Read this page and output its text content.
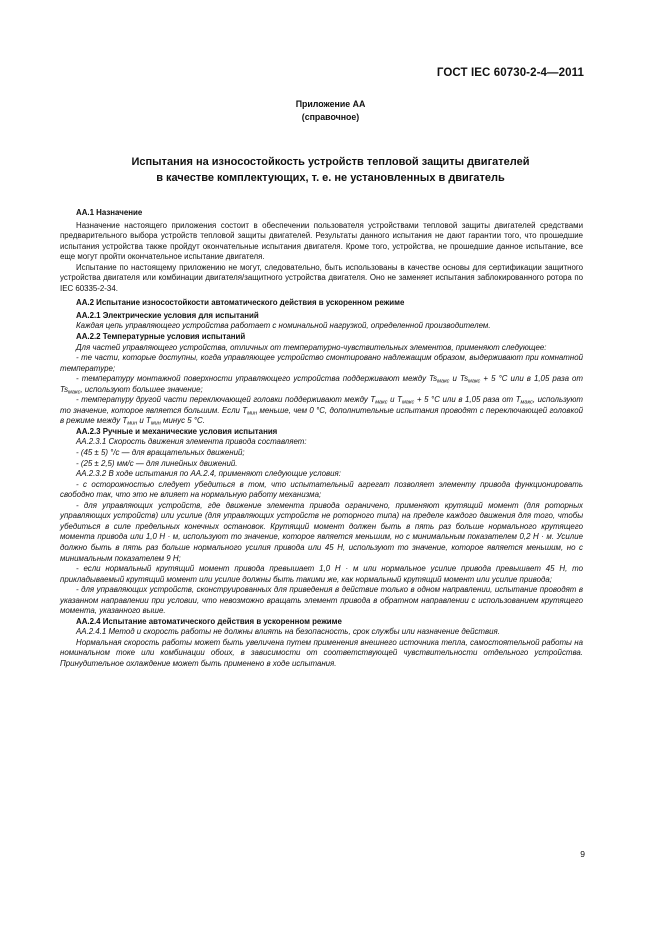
ГОСТ IEC 60730-2-4—2011
Приложение АА
(справочное)
Испытания на износостойкость устройств тепловой защиты двигателей
в качестве комплектующих, т. е. не установленных в двигатель

АА.1 Назначение

Назначение настоящего приложения состоит в обеспечении пользователя устройствами тепловой защиты двигателей средствами предварительного выбора устройств тепловой защиты двигателей. Результаты данного испытания не дают гарантии того, что прошедшие испытания устройства также пройдут окончательные испытания двигателя. Кроме того, устройства, не прошедшие данное испытание, все еще могут пройти окончательное испытание двигателя.

Испытание по настоящему приложению не могут, следовательно, быть использованы в качестве основы для сертификации защитного устройства двигателя или комбинации двигателя/защитного устройства двигателя. Оно не заменяет испытания заблокированного ротора по IEC 60335-2-34.

АА.2 Испытание износостойкости автоматического действия в ускоренном режиме

АА.2.1 Электрические условия для испытаний

Каждая цепь управляющего устройства работает с номинальной нагрузкой, определенной производителем.

АА.2.2 Температурные условия испытаний

Для частей управляющего устройства, отличных от температурно-чувствительных элементов, применяют следующее:

- те части, которые доступны, когда управляющее устройство смонтировано надлежащим образом, выдерживают при комнатной температуре;

- температуру монтажной поверхности управляющего устройства поддерживают между $Ts_{макс}$ и $Ts_{макс} + 5$ °C или в 1,05 раза от $Ts_{макс}$, используют большее значение;

- температуру другой части переключающей головки поддерживают между $T_{макс}$ и $T_{макс} + 5$ °C или в 1,05 раза от $T_{макс}$, используют то значение, которое является большим. Если $T_{мин}$ меньше, чем 0 °C, дополнительные испытания проводят с переключающей головкой в режиме между $T_{мин}$ и $T_{мин}$ минус 5 °C.

АА.2.3 Ручные и механические условия испытания

АА.2.3.1 Скорость движения элемента привода составляет:

- (45 ± 5) °/с — для вращательных движений;

- (25 ± 2,5) мм/с — для линейных движений.

АА.2.3.2 В ходе испытания по АА.2.4, применяют следующие условия:

- с осторожностью следует убедиться в том, что испытательный агрегат позволяет элементу привода функционировать свободно так, что это не влияет на нормальную работу механизма;

- для управляющих устройств, где движение элемента привода ограничено, применяют крутящий момент (для роторных управляющих устройств) или усилие (для управляющих устройств не роторного типа) на пределе каждого движения для того, чтобы убедиться в силе предельных конечных остановок. Крутящий момент должен быть в пять раз больше нормального крутящего момента привода или 1,0 Н · м, используют то значение, которое является меньшим, но с минимальным показателем 0,2 Н · м. Усилие должно быть в пять раз больше нормального усилия привода или 45 Н, используют то значение, которое является меньшим, но с минимальным показателем 9 Н;

- если нормальный крутящий момент привода превышает 1,0 Н · м или нормальное усилие привода превышает 45 Н, то прикладываемый крутящий момент или усилие должны быть такими же, как нормальный крутящий момент или усилие привода;

- для управляющих устройств, сконструированных для приведения в действие только в одном направлении, испытание проводят в указанном направлении при условии, что невозможно вращать элемент привода в обратном направлении с использованием крутящего момента, указанного выше.

АА.2.4 Испытание автоматического действия в ускоренном режиме

АА.2.4.1 Метод и скорость работы не должны влиять на безопасность, срок службы или назначение действия.

Нормальная скорость работы может быть увеличена путем применения внешнего источника тепла, самостоятельной работы на номинальном токе или комбинации обоих, в зависимости от соответствующей чувствительности отдельного устройства. Принудительное охлаждение может быть применено в ходе испытания.

9
